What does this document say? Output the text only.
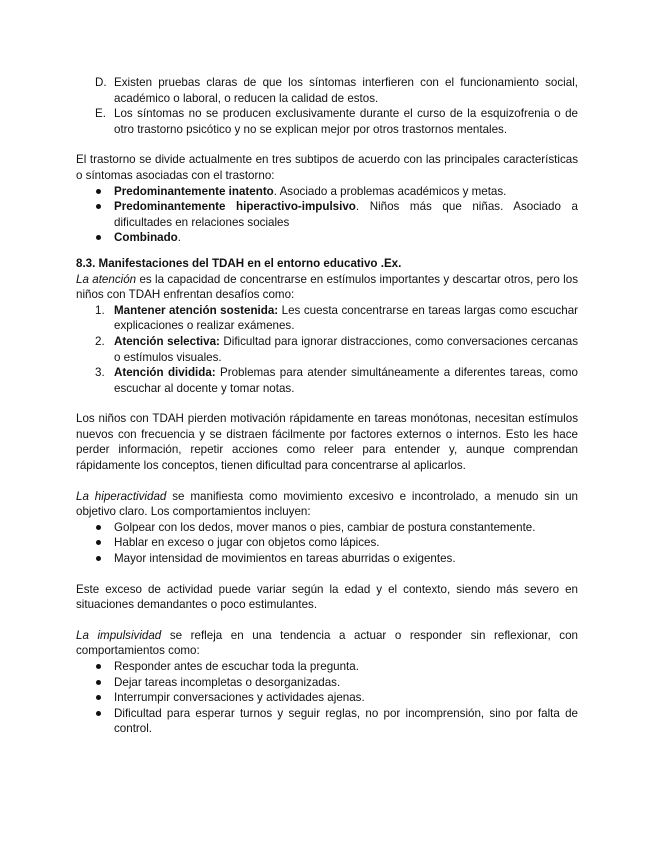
D. Existen pruebas claras de que los síntomas interfieren con el funcionamiento social, académico o laboral, o reducen la calidad de estos.
E. Los síntomas no se producen exclusivamente durante el curso de la esquizofrenia o de otro trastorno psicótico y no se explican mejor por otros trastornos mentales.

El trastorno se divide actualmente en tres subtipos de acuerdo con las principales características o síntomas asociadas con el trastorno:

Predominantemente inatento. Asociado a problemas académicos y metas.
Predominantemente hiperactivo-impulsivo. Niños más que niñas. Asociado a dificultades en relaciones sociales
Combinado.

8.3. Manifestaciones del TDAH en el entorno educativo .Ex.

La atención es la capacidad de concentrarse en estímulos importantes y descartar otros, pero los niños con TDAH enfrentan desafíos como:

1. Mantener atención sostenida: Les cuesta concentrarse en tareas largas como escuchar explicaciones o realizar exámenes.
2. Atención selectiva: Dificultad para ignorar distracciones, como conversaciones cercanas o estímulos visuales.
3. Atención dividida: Problemas para atender simultáneamente a diferentes tareas, como escuchar al docente y tomar notas.

Los niños con TDAH pierden motivación rápidamente en tareas monótonas, necesitan estímulos nuevos con frecuencia y se distraen fácilmente por factores externos o internos. Esto les hace perder información, repetir acciones como releer para entender y, aunque comprendan rápidamente los conceptos, tienen dificultad para concentrarse al aplicarlos.

La hiperactividad se manifiesta como movimiento excesivo e incontrolado, a menudo sin un objetivo claro. Los comportamientos incluyen:

Golpear con los dedos, mover manos o pies, cambiar de postura constantemente.
Hablar en exceso o jugar con objetos como lápices.
Mayor intensidad de movimientos en tareas aburridas o exigentes.

Este exceso de actividad puede variar según la edad y el contexto, siendo más severo en situaciones demandantes o poco estimulantes.

La impulsividad se refleja en una tendencia a actuar o responder sin reflexionar, con comportamientos como:

Responder antes de escuchar toda la pregunta.
Dejar tareas incompletas o desorganizadas.
Interrumpir conversaciones y actividades ajenas.
Dificultad para esperar turnos y seguir reglas, no por incomprensión, sino por falta de control.
